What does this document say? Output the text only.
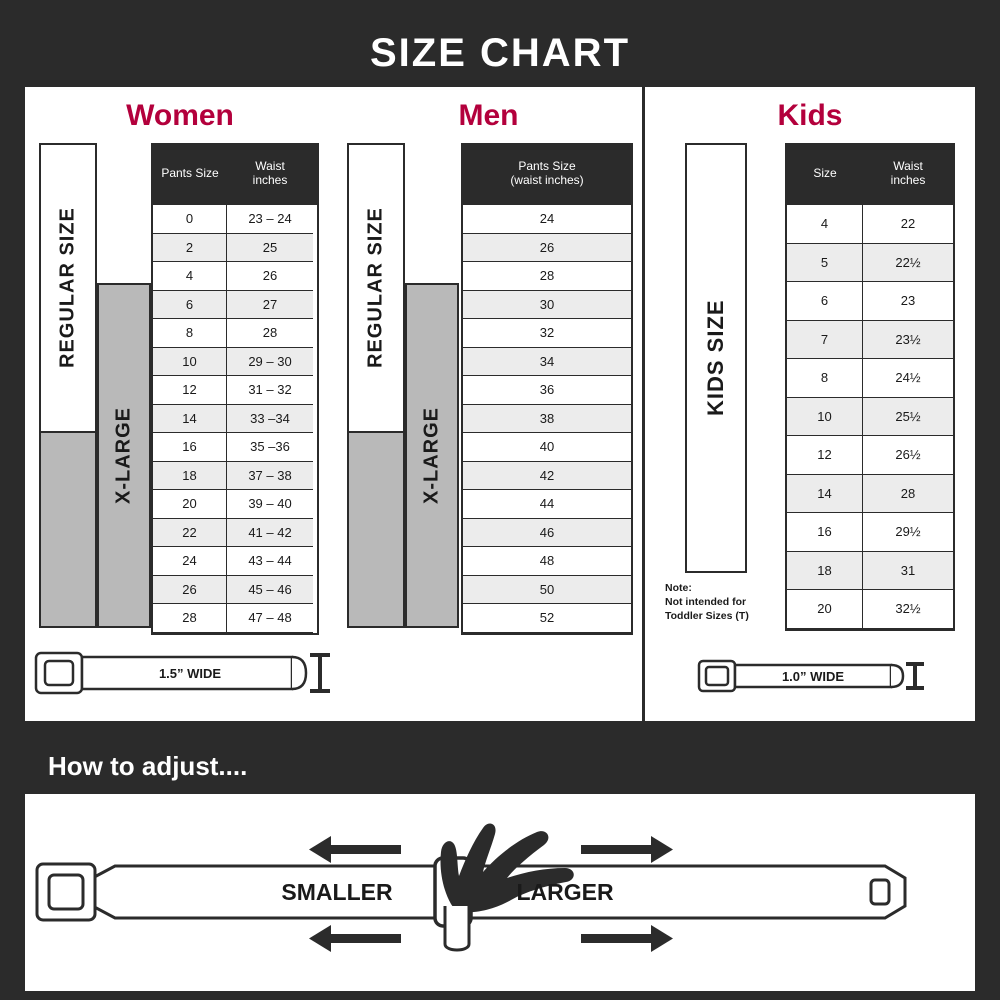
SIZE CHART
Women
REGULAR SIZE
X-LARGE
Pants Size	Waist
inches
0	23 – 24
2	25
4	26
6	27
8	28
10	29 – 30
12	31 – 32
14	33 –34
16	35 –36
18	37 – 38
20	39 – 40
22	41 – 42
24	43 – 44
26	45 – 46
28	47 – 48
1.5” WIDE
Men
REGULAR SIZE
X-LARGE
Pants Size
(waist inches)
24
26
28
30
32
34
36
38
40
42
44
46
48
50
52
Kids
KIDS SIZE
Note:
Not intended for
Toddler Sizes (T)
Size	Waist
inches
4	22
5	22½
6	23
7	23½
8	24½
10	25½
12	26½
14	28
16	29½
18	31
20	32½
1.0” WIDE
How to adjust....
SMALLER	LARGER
